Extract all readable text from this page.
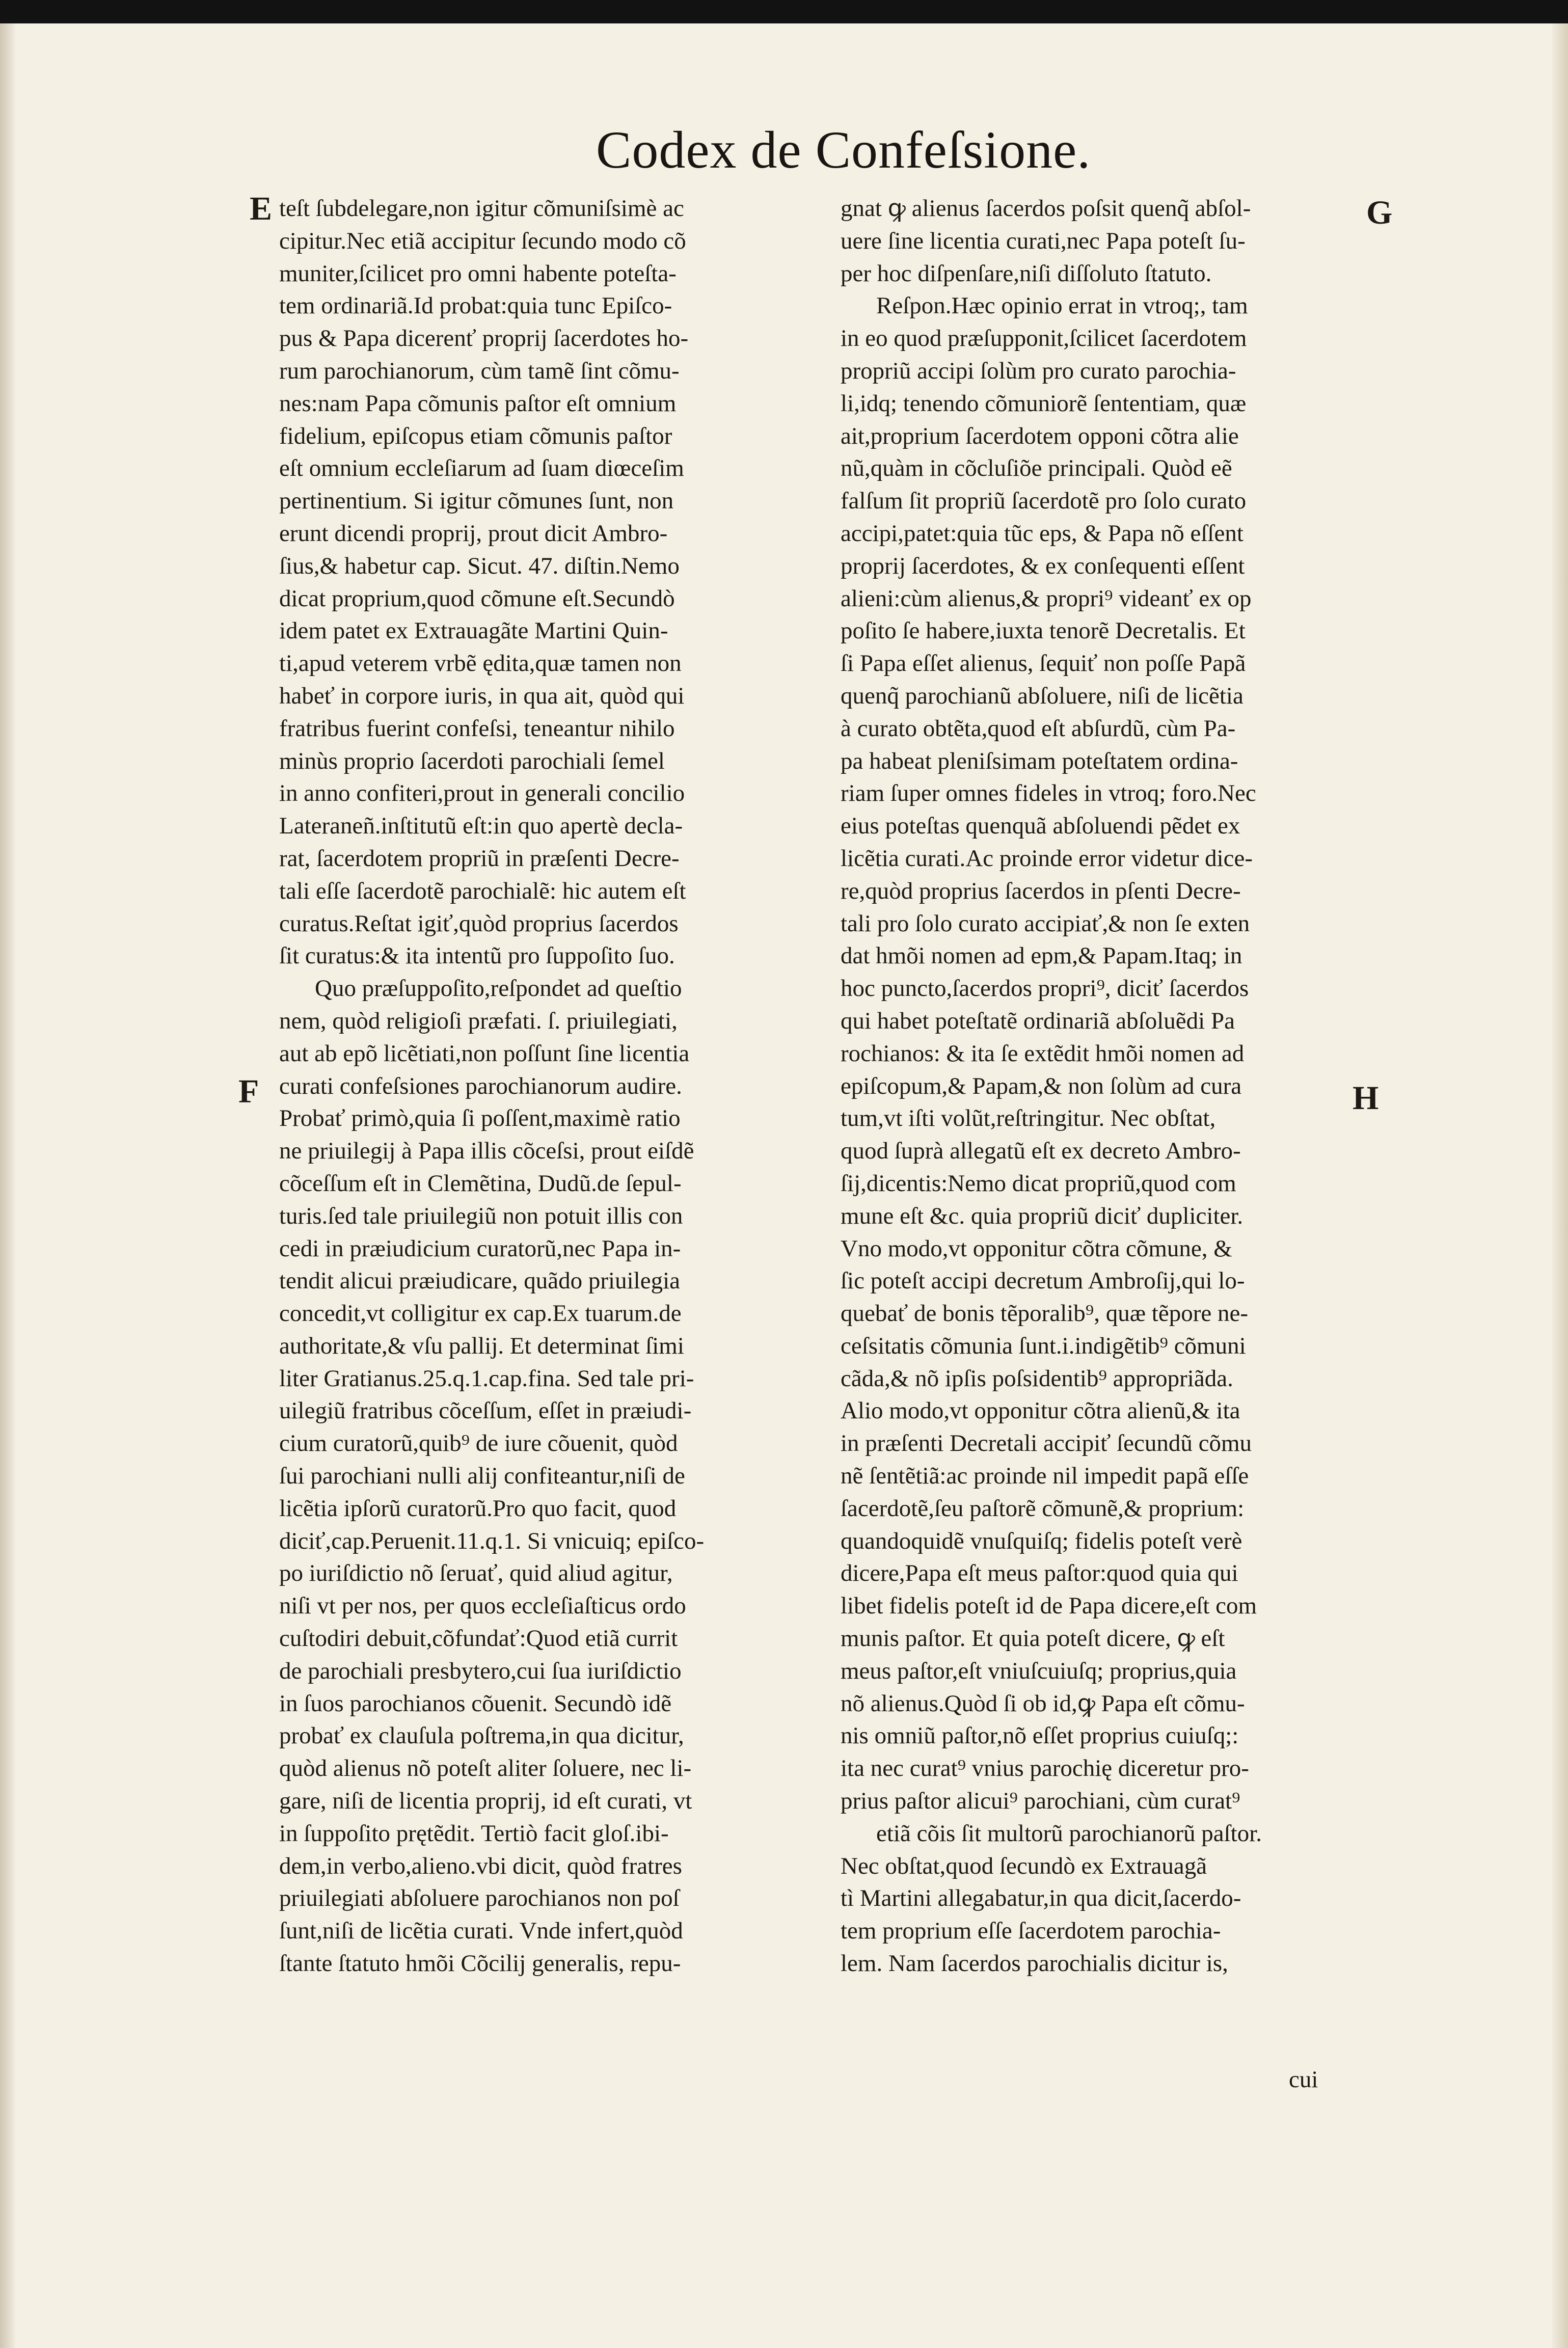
Codex de Confeſsione.
E
F
G
H
teſt ſubdelegare,non igitur cõmuniſsimè ac
cipitur.Nec etiã accipitur ſecundo modo cõ
muniter,ſcilicet pro omni habente poteſta-
tem ordinariã.Id probat:quia tunc Epiſco-
pus & Papa dicerenť proprij ſacerdotes ho-
rum parochianorum, cùm tamẽ ſint cõmu-
nes:nam Papa cõmunis paſtor eſt omnium
fidelium, epiſcopus etiam cõmunis paſtor
eſt omnium eccleſiarum ad ſuam diœceſim
pertinentium. Si igitur cõmunes ſunt, non
erunt dicendi proprij, prout dicit Ambro-
ſius,& habetur cap. Sicut. 47. diſtin.Nemo
dicat proprium,quod cõmune eſt.Secundò
idem patet ex Extrauagãte Martini Quin-
ti,apud veterem vrbẽ ędita,quæ tamen non
habeť in corpore iuris, in qua ait, quòd qui
fratribus fuerint confeſsi, teneantur nihilo
minùs proprio ſacerdoti parochiali ſemel
in anno confiteri,prout in generali concilio
Lateraneñ.inſtitutũ eſt:in quo apertè decla-
rat, ſacerdotem propriũ in præſenti Decre-
tali eſſe ſacerdotẽ parochialẽ: hic autem eſt
curatus.Reſtat igiť,quòd proprius ſacerdos
ſit curatus:& ita intentũ pro ſuppoſito ſuo.
Quo præſuppoſito,reſpondet ad queſtio
nem, quòd religioſi præfati. ſ. priuilegiati,
aut ab epõ licẽtiati,non poſſunt ſine licentia
curati confeſsiones parochianorum audire.
Probať primò,quia ſi poſſent,maximè ratio
ne priuilegij à Papa illis cõceſsi, prout eiſdẽ
cõceſſum eſt in Clemẽtina, Dudũ.de ſepul-
turis.ſed tale priuilegiũ non potuit illis con
cedi in præiudicium curatorũ,nec Papa in-
tendit alicui præiudicare, quãdo priuilegia
concedit,vt colligitur ex cap.Ex tuarum.de
authoritate,& vſu pallij. Et determinat ſimi
liter Gratianus.25.q.1.cap.fina. Sed tale pri-
uilegiũ fratribus cõceſſum, eſſet in præiudi-
cium curatorũ,quib⁹ de iure cõuenit, quòd
ſui parochiani nulli alij confiteantur,niſi de
licẽtia ipſorũ curatorũ.Pro quo facit, quod
diciť,cap.Peruenit.11.q.1. Si vnicuiq; epiſco-
po iuriſdictio nõ ſeruať, quid aliud agitur,
niſi vt per nos, per quos eccleſiaſticus ordo
cuſtodiri debuit,cõfundať:Quod etiã currit
de parochiali presbytero,cui ſua iuriſdictio
in ſuos parochianos cõuenit. Secundò idẽ
probať ex clauſula poſtrema,in qua dicitur,
quòd alienus nõ poteſt aliter ſoluere, nec li-
gare, niſi de licentia proprij, id eſt curati, vt
in ſuppoſito prętẽdit. Tertiò facit gloſ.ibi-
dem,in verbo,alieno.vbi dicit, quòd fratres
priuilegiati abſoluere parochianos non poſ
ſunt,niſi de licẽtia curati. Vnde infert,quòd
ſtante ſtatuto hmõi Cõcilij generalis, repu-
gnat ꝙ alienus ſacerdos poſsit quenq̃ abſol-
uere ſine licentia curati,nec Papa poteſt ſu-
per hoc diſpenſare,niſi diſſoluto ſtatuto.
Reſpon.Hæc opinio errat in vtroq;, tam
in eo quod præſupponit,ſcilicet ſacerdotem
propriũ accipi ſolùm pro curato parochia-
li,idq; tenendo cõmuniorẽ ſententiam, quæ
ait,proprium ſacerdotem opponi cõtra alie
nũ,quàm in cõcluſiõe principali. Quòd eẽ
falſum ſit propriũ ſacerdotẽ pro ſolo curato
accipi,patet:quia tũc eps, & Papa nõ eſſent
proprij ſacerdotes, & ex conſequenti eſſent
alieni:cùm alienus,& propri⁹ videanť ex op
poſito ſe habere,iuxta tenorẽ Decretalis. Et
ſi Papa eſſet alienus, ſequiť non poſſe Papã
quenq̃ parochianũ abſoluere, niſi de licẽtia
à curato obtẽta,quod eſt abſurdũ, cùm Pa-
pa habeat pleniſsimam poteſtatem ordina-
riam ſuper omnes fideles in vtroq; foro.Nec
eius poteſtas quenquã abſoluendi pẽdet ex
licẽtia curati.Ac proinde error videtur dice-
re,quòd proprius ſacerdos in pſenti Decre-
tali pro ſolo curato accipiať,& non ſe exten
dat hmõi nomen ad epm,& Papam.Itaq; in
hoc puncto,ſacerdos propri⁹, diciť ſacerdos
qui habet poteſtatẽ ordinariã abſoluẽdi Pa
rochianos: & ita ſe extẽdit hmõi nomen ad
epiſcopum,& Papam,& non ſolùm ad cura
tum,vt iſti volũt,reſtringitur. Nec obſtat,
quod ſuprà allegatũ eſt ex decreto Ambro-
ſij,dicentis:Nemo dicat propriũ,quod com
mune eſt &c. quia propriũ diciť dupliciter.
Vno modo,vt opponitur cõtra cõmune, &
ſic poteſt accipi decretum Ambroſij,qui lo-
quebať de bonis tẽporalib⁹, quæ tẽpore ne-
ceſsitatis cõmunia ſunt.i.indigẽtib⁹ cõmuni
cãda,& nõ ipſis poſsidentib⁹ appropriãda.
Alio modo,vt opponitur cõtra alienũ,& ita
in præſenti Decretali accipiť ſecundũ cõmu
nẽ ſentẽtiã:ac proinde nil impedit papã eſſe
ſacerdotẽ,ſeu paſtorẽ cõmunẽ,& proprium:
quandoquidẽ vnuſquiſq; fidelis poteſt verè
dicere,Papa eſt meus paſtor:quod quia qui
libet fidelis poteſt id de Papa dicere,eſt com
munis paſtor. Et quia poteſt dicere, ꝙ eſt
meus paſtor,eſt vniuſcuiuſq; proprius,quia
nõ alienus.Quòd ſi ob id,ꝙ Papa eſt cõmu-
nis omniũ paſtor,nõ eſſet proprius cuiuſq;:
ita nec curat⁹ vnius parochię diceretur pro-
prius paſtor alicui⁹ parochiani, cùm curat⁹
etiã cõis ſit multorũ parochianorũ paſtor.
Nec obſtat,quod ſecundò ex Extrauagã
tì Martini allegabatur,in qua dicit,ſacerdo-
tem proprium eſſe ſacerdotem parochia-
lem. Nam ſacerdos parochialis dicitur is,
cui
